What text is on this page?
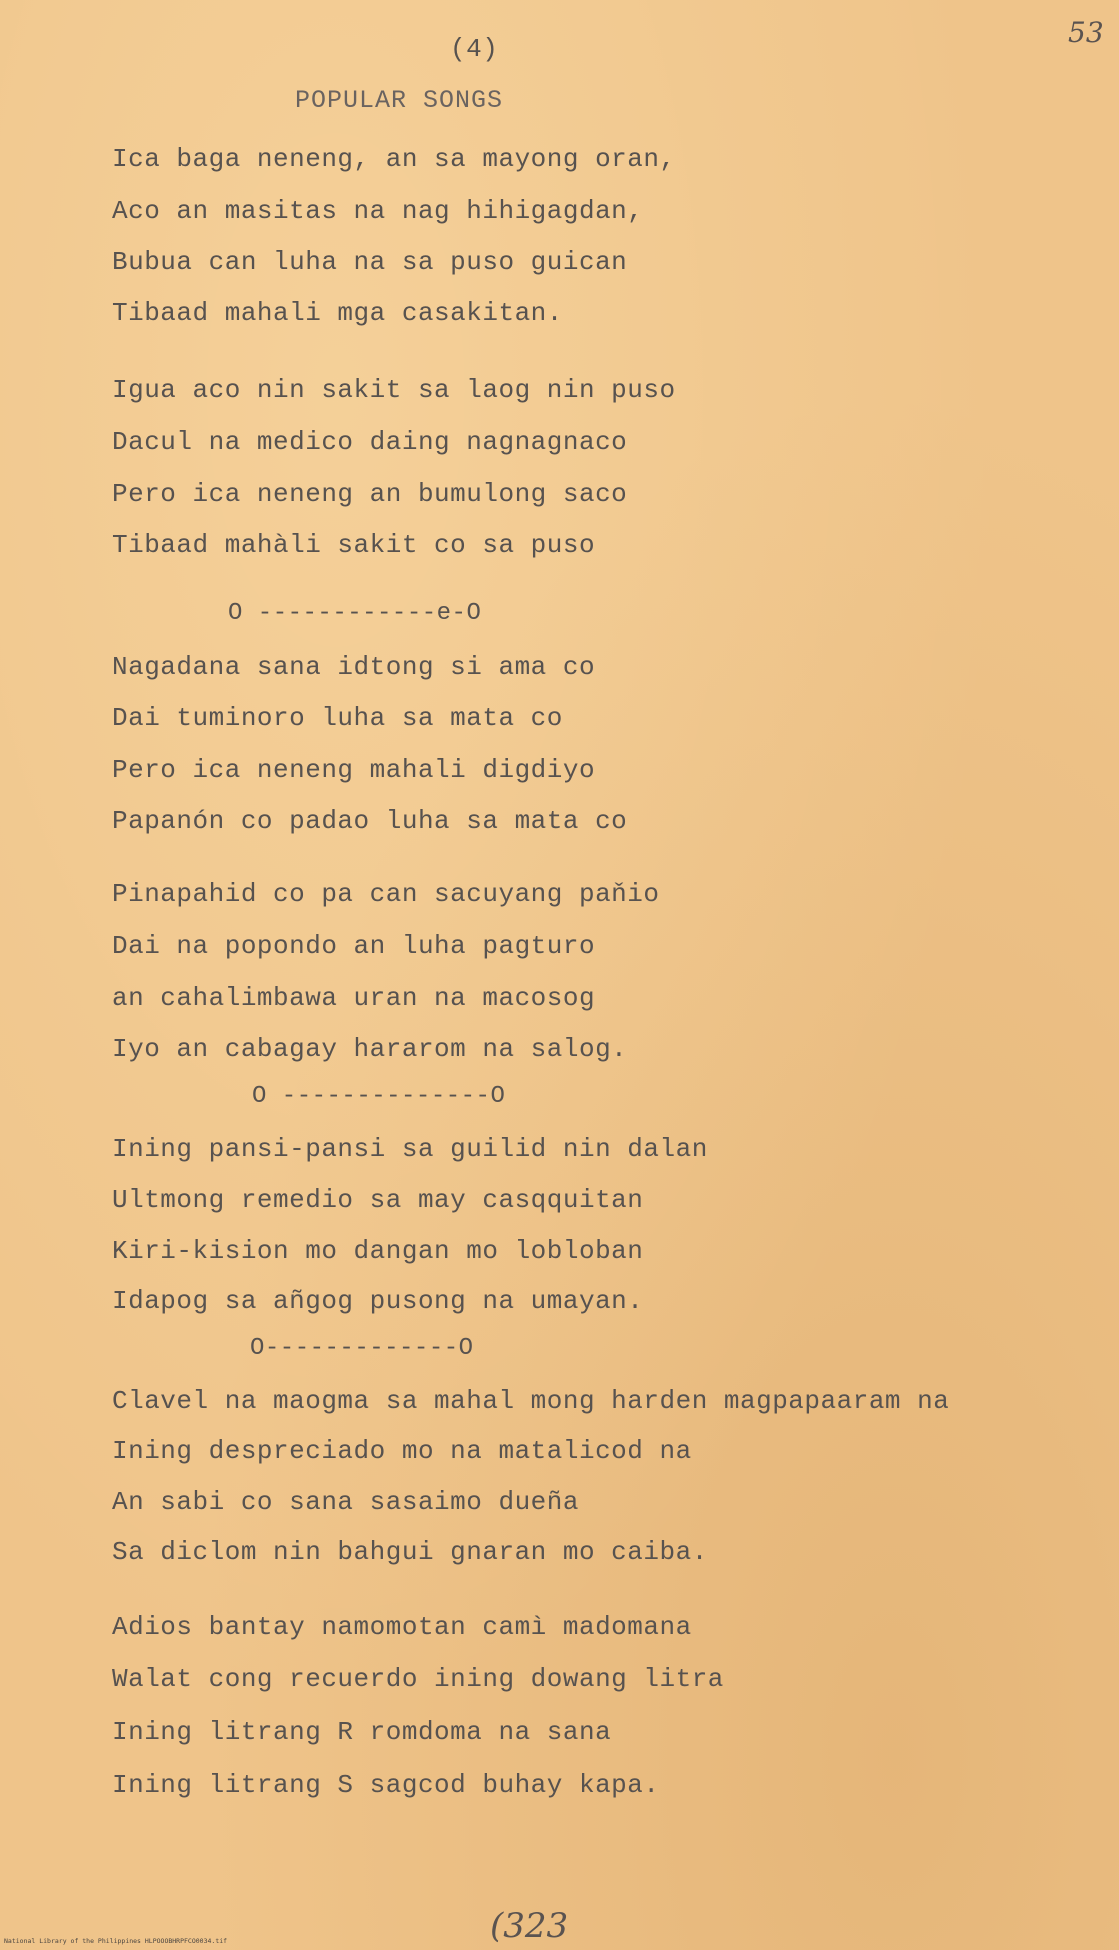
53
(4)
POPULAR SONGS
Ica baga neneng, an sa mayong oran,
Aco an masitas na nag hihigagdan,
Bubua can luha na sa puso guican
Tibaad mahali mga casakitan.
Igua aco nin sakit sa laog nin puso
Dacul na medico daing nagnagnaco
Pero ica neneng an bumulong saco
Tibaad mahàli sakit co sa puso
O ------------e-O
Nagadana sana idtong si ama co
Dai tuminoro luha sa mata co
Pero ica neneng mahali digdiyo
Papanón co padao luha sa mata co
Pinapahid co pa can sacuyang paňio
Dai na popondo an luha pagturo
an cahalimbawa uran na macosog
Iyo an cabagay hararom na salog.
O --------------O
Ining pansi-pansi sa guilid nin dalan
Ultmong remedio sa may casqquitan
Kiri-kision mo dangan mo lobloban
Idapog sa añgog pusong na umayan.
O-------------O
Clavel na maogma sa mahal mong harden magpapaaram na
Ining despreciado mo na matalicod na
An sabi co sana sasaimo dueña
Sa diclom nin bahgui gnaran mo caiba.
Adios bantay namomotan camì madomana
Walat cong recuerdo ining dowang litra
Ining litrang R romdoma na sana
Ining litrang S sagcod buhay kapa.
(323
National Library of the Philippines HLPOOOBHRPFCO0034.tif
